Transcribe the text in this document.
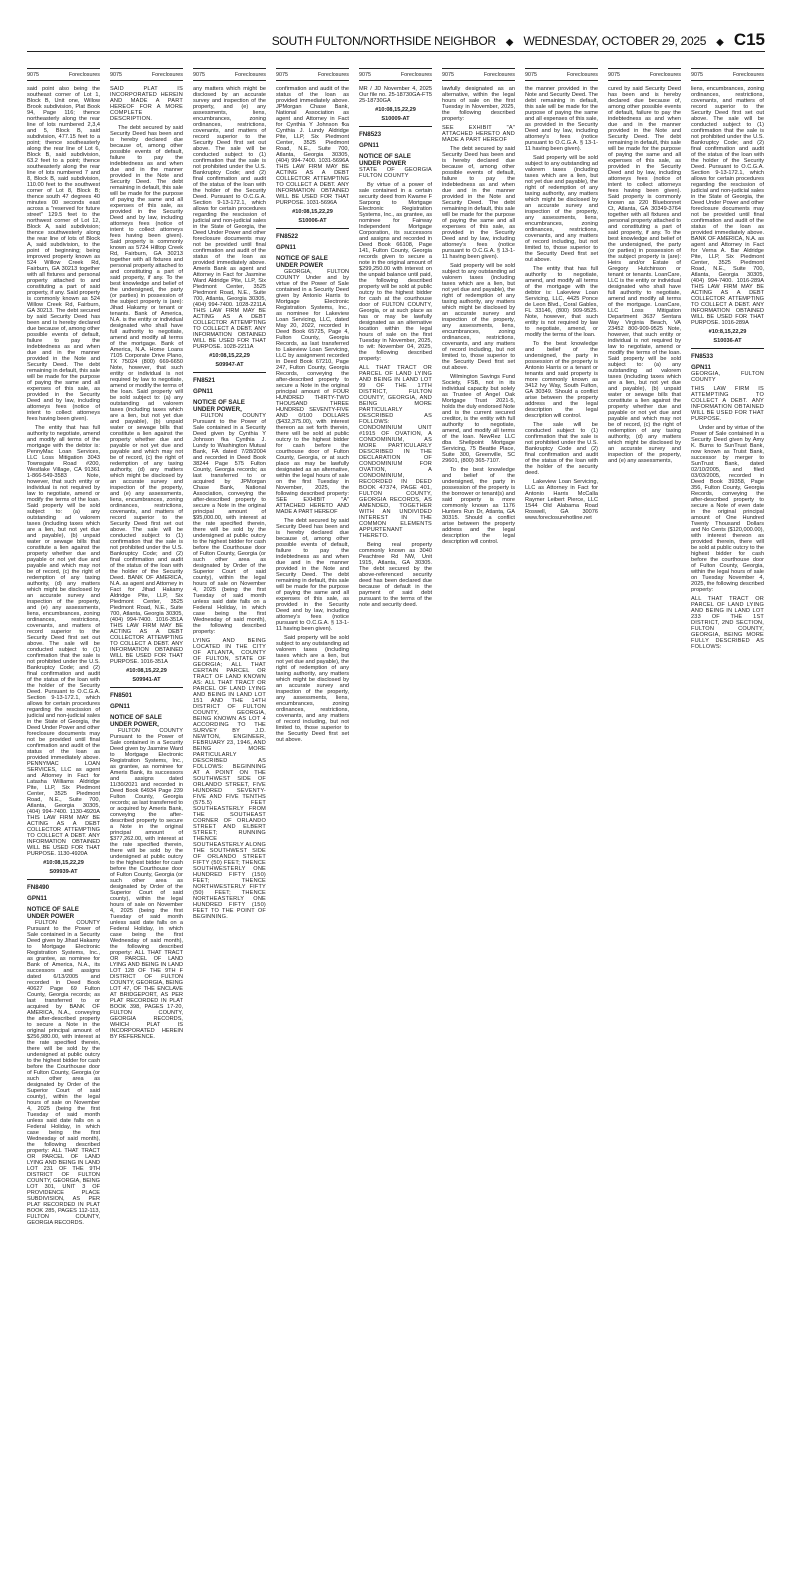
SOUTH FULTON/NORTHSIDE NEIGHBOR ◆ WEDNESDAY, OCTOBER 29, 2025 ◆ C15
9075	Foreclosures
said point also being the southeast corner of Lot 1, Block B, Unit one, Willow Brook subdivision, Plat Book 94, Page 116; thence northeasterly along the rear line of lots numbered 2,3,4 and 5, Block B, said subdivision, 477.15 feet to a point; thence southeasterly along the rear line of Lot 6, Block B, said subdivision, 63.2 feet to a point; thence southeasterly along the rear line of lots numbered 7 and 8, Block B, said subdivision, 110.00 feet to the southwest corner of Lot 8, Block B; thence south 47 degrees 40 minutes 00 seconds east across a "reserved for future street" 129.5 feet to the northwest corner of Lot 12, Block A, said subdivision; thence southwesterly along the rear line of lots of Block A, said subdivision, to the point of beginning; being improved property known as 524 Willow Creek Rd, Fairburn, GA 30213 together with all fixtures and personal property attached to and constituting a part of said property, if any. Said property is commonly known as 524 Willow Creek Rd, Fairburn, GA 30213. The debt secured by said Security Deed has been and is hereby declared due because of, among other possible events of default, failure to pay the indebtedness as and when due and in the manner provided in the Note and Security Deed. The debt remaining in default, this sale will be made for the purpose of paying the same and all expenses of this sale, as provided in the Security Deed and by law, including attorneys fees (notice of intent to collect attorneys fees having been given).
The entity that has full authority to negotiate, amend and modify all terms of the mortgage with the debtor is: PennyMac Loan Services, LLC Loss Mitigation 3043 Townsgate Road #200, Westlake Village, CA 91361 1-866-549-3583 Note, however, that such entity or individual is not required by law to negotiate, amend or modify the terms of the loan. Said property will be sold subject to: (a) any outstanding ad valorem taxes (including taxes which are a lien, but not yet due and payable), (b) unpaid water or sewage bills that constitute a lien against the property whether due and payable or not yet due and payable and which may not be of record, (c) the right of redemption of any taxing authority, (d) any matters which might be disclosed by an accurate survey and inspection of the property, and (e) any assessments, liens, encumbrances, zoning ordinances, restrictions, covenants, and matters of record superior to the Security Deed first set out above. The sale will be conducted subject to (1) confirmation that the sale is not prohibited under the U.S. Bankruptcy Code; and (2) final confirmation and audit of the status of the loan with the holder of the Security Deed. Pursuant to O.C.G.A. Section 9-13-172.1, which allows for certain procedures regarding the rescission of judicial and non-judicial sales in the State of Georgia, the Deed Under Power and other foreclosure documents may not be provided until final confirmation and audit of the status of the loan as provided immediately above. PENNYMAC LOAN SERVICES, LLC as agent and Attorney in Fact for Latasha Williams Aldridge Pite, LLP, Six Piedmont Center, 3525 Piedmont Road, N.E., Suite 700, Atlanta, Georgia 30305, (404) 994-7400. 1130-4920A THIS LAW FIRM MAY BE ACTING AS A DEBT COLLECTOR ATTEMPTING TO COLLECT A DEBT. ANY INFORMATION OBTAINED WILL BE USED FOR THAT PURPOSE. 1130-4920A
#10:08,15,22,29
S09939-AT
FN8490
GPN11
NOTICE OF SALE UNDER POWER
FULTON COUNTY Pursuant to the Power of Sale contained in a Security Deed given by Jihad Hakamy to Mortgage Electronic Registration Systems, Inc., as grantee, as nominee for Bank of America, N.A., its successors and assigns dated 6/13/2005 and recorded in Deed Book 40627 Page 69 Fulton County, Georgia records; as last transferred to or acquired by BANK OF AMERICA, N.A., conveying the after-described property to secure a Note in the original principal amount of $256,980.00, with interest at the rate specified therein, there will be sold by the undersigned at public outcry to the highest bidder for cash before the Courthouse door of Fulton County, Georgia (or such other area as designated by Order of the Superior Court of said county), within the legal hours of sale on November 4, 2025 (being the first Tuesday of said month unless said date falls on a Federal Holiday, in which case being the first Wednesday of said month), the following described property: ALL THAT TRACT OR PARCEL OF LAND LYING AND BEING IN LAND LOT 231 OF THE 9TH DISTRICT OF FULTON COUNTY, GEORGIA, BEING LOT 301, UNIT 3 OF PROVIDENCE PLACE SUBDIVISION, AS PER PLAT RECORDED IN PLAT BOOK 285, PAGES 112-113, FULTON COUNTY, GEORGIA RECORDS.
9075	Foreclosures
SAID PLAT IS INCORPORATED HEREIN AND MADE A PART HEREOF FOR A MORE COMPLETE DESCRIPTION.
The debt secured by said Security Deed has been and is hereby declared due because of, among other possible events of default, failure to pay the indebtedness as and when due and in the manner provided in the Note and Security Deed. The debt remaining in default, this sale will be made for the purpose of paying the same and all expenses of this sale, as provided in the Security Deed and by law, including attorneys fees (notice of intent to collect attorneys fees having been given). Said property is commonly known as 5724 Hilltop Creek Rd, Fairburn, GA 30213 together with all fixtures and personal property attached to and constituting a part of said property, if any. To the best knowledge and belief of the undersigned, the party (or parties) in possession of the subject property is (are): Jihad Hakamy or tenant or tenants. Bank of America, N.A. is the entity or individual designated who shall have full authority to negotiate, amend and modify all terms of the mortgage. Bank of America, N.A. Home Loans 7105 Corporate Drive Plano, TX 75024 (800) 669-6650 Note, however, that such entity or individual is not required by law to negotiate, amend or modify the terms of the loan. Said property will be sold subject to: (a) any outstanding ad valorem taxes (including taxes which are a lien, but not yet due and payable), (b) unpaid water or sewage bills that constitute a lien against the property whether due and payable or not yet due and payable and which may not be of record, (c) the right of redemption of any taxing authority, (d) any matters which might be disclosed by an accurate survey and inspection of the property, and (e) any assessments, liens, encumbrances, zoning ordinances, restrictions, covenants, and matters of record superior to the Security Deed first set out above. The sale will be conducted subject to (1) confirmation that the sale is not prohibited under the U.S. Bankruptcy Code; and (2) final confirmation and audit of the status of the loan with the holder of the Security Deed. BANK OF AMERICA, N.A. as agent and Attorney in Fact for Jihad Hakamy Aldridge Pite, LLP, Six Piedmont Center, 3525 Piedmont Road, N.E., Suite 700, Atlanta, Georgia 30305, (404) 994-7400. 1016-351A THIS LAW FIRM MAY BE ACTING AS A DEBT COLLECTOR ATTEMPTING TO COLLECT A DEBT. ANY INFORMATION OBTAINED WILL BE USED FOR THAT PURPOSE. 1016-351A
#10:08,15,22,29
S09941-AT
FN8501
GPN11
NOTICE OF SALE UNDER POWER,
FULTON COUNTY Pursuant to the Power of Sale contained in a Security Deed given by Jasmine Ward to Mortgage Electronic Registration Systems, Inc., as grantee, as nominee for Ameris Bank, its successors and assigns dated 11/30/2021 and recorded in Deed Book 64934 Page 239 Fulton County, Georgia records; as last transferred to or acquired by Ameris Bank, conveying the after-described property to secure a Note in the original principal amount of $377,262.00, with interest at the rate specified therein, there will be sold by the undersigned at public outcry to the highest bidder for cash before the Courthouse door of Fulton County, Georgia (or such other area as designated by Order of the Superior Court of said county), within the legal hours of sale on November 4, 2025 (being the first Tuesday of said month unless said date falls on a Federal Holiday, in which case being the first Wednesday of said month), the following described property: ALL THAT TRACT OR PARCEL OF LAND LYING AND BEING IN LAND LOT 128 OF THE 9TH F DISTRICT OF FULTON COUNTY, GEORGIA, BEING LOT 47, OF THE ENCLAVE AT BRIDGEPORT, AS PER PLAT RECORDED IN PLAT BOOK 398, PAGES 17-20, FULTON COUNTY, GEORGIA RECORDS, WHICH PLAT IS INCORPORATED HEREIN BY REFERENCE.
9075	Foreclosures
any matters which might be disclosed by an accurate survey and inspection of the property, and (e) any assessments, liens, encumbrances, zoning ordinances, restrictions, covenants, and matters of record superior to the Security Deed first set out above. The sale will be conducted subject to (1) confirmation that the sale is not prohibited under the U.S. Bankruptcy Code; and (2) final confirmation and audit of the status of the loan with the holder of the Security Deed. Pursuant to O.C.G.A. Section 9-13-172.1, which allows for certain procedures regarding the rescission of judicial and non-judicial sales in the State of Georgia, the Deed Under Power and other foreclosure documents may not be provided until final confirmation and audit of the status of the loan as provided immediately above. Ameris Bank as agent and Attorney in Fact for Jasmine Ward Aldridge Pite, LLP, Six Piedmont Center, 3525 Piedmont Road, N.E., Suite 700, Atlanta, Georgia 30305, (404) 994-7400. 1028-2211A THIS LAW FIRM MAY BE ACTING AS A DEBT COLLECTOR ATTEMPTING TO COLLECT A DEBT. ANY INFORMATION OBTAINED WILL BE USED FOR THAT PURPOSE. 1028-2211A
#10:08,15,22,29
S09947-AT
FN8521
GPN11
NOTICE OF SALE UNDER POWER,
FULTON COUNTY Pursuant to the Power of Sale contained in a Security Deed given by Cynthia Y Johnson fka Cynthia J. Lundy to Washington Mutual Bank, FA dated 7/28/2004 and recorded in Deed Book 38244 Page 575 Fulton County, Georgia records; as last transferred to or acquired by JPMorgan Chase Bank, National Association, conveying the after-described property to secure a Note in the original principal amount of $95,000.00, with interest at the rate specified therein, there will be sold by the undersigned at public outcry to the highest bidder for cash before the Courthouse door of Fulton County, Georgia (or such other area as designated by Order of the Superior Court of said county), within the legal hours of sale on November 4, 2025 (being the first Tuesday of said month unless said date falls on a Federal Holiday, in which case being the first Wednesday of said month), the following described property:
LYING AND BEING LOCATED IN THE CITY OF ATLANTA, COUNTY OF FULTON, STATE OF GEORGIA; ALL THAT CERTAIN PARCEL OR TRACT OF LAND KNOWN AS: ALL THAT TRACT OR PARCEL OF LAND LYING AND BEING IN LAND LOT 151 AND THE 14TH DISTRICT OF FULTON COUNTY, GEORGIA, BEING KNOWN AS LOT 4 ACCORDING TO THE SURVEY BY J.D. NEWTON, ENGINEER, FEBRUARY 23, 1946, AND BEING MORE PARTICULARLY DESCRIBED AS FOLLOWS: BEGINNING AT A POINT ON THE SOUTHWEST SIDE OF ORLANDO STREET, FIVE HUNDRED SEVENTY-FIVE AND FIVE TENTHS (575.5) FEET SOUTHEASTERLY FROM THE SOUTHEAST CORNER OF ORLANDO STREET AND ELBERT STREET; RUNNING THENCE SOUTHEASTERLY ALONG THE SOUTHWEST SIDE OF ORLANDO STREET FIFTY (50) FEET; THENCE SOUTHWESTERLY ONE HUNDRED FIFTY (150) FEET; THENCE NORTHWESTERLY FIFTY (50) FEET; THENCE NORTHEASTERLY ONE HUNDRED FIFTY (150) FEET TO THE POINT OF BEGINNING.
9075	Foreclosures
confirmation and audit of the status of the loan as provided immediately above. JPMorgan Chase Bank, National Association as agent and Attorney in Fact for Cynthia Y Johnson fka Cynthia J. Lundy Aldridge Pite, LLP, Six Piedmont Center, 3525 Piedmont Road, N.E., Suite 700, Atlanta, Georgia 30305, (404) 994-7400. 1031-5696A THIS LAW FIRM MAY BE ACTING AS A DEBT COLLECTOR ATTEMPTING TO COLLECT A DEBT. ANY INFORMATION OBTAINED WILL BE USED FOR THAT PURPOSE. 1031-5696A
#10:08,15,22,29
S10006-AT
FN8522
GPN11
NOTICE OF SALE UNDER POWER
GEORGIA, FULTON COUNTY Under and by virtue of the Power of Sale contained in a Security Deed given by Antonio Harris to Mortgage Electronic Registration Systems, Inc., as nominee for Lakeview Loan Servicing, LLC, dated May 20, 2022, recorded in Deed Book 65725, Page 4, Fulton County, Georgia Records, as last transferred to Lakeview Loan Servicing, LLC by assignment recorded in Deed Book 67210, Page 247, Fulton County, Georgia Records, conveying the after-described property to secure a Note in the original principal amount of FOUR HUNDRED THIRTY-TWO THOUSAND THREE HUNDRED SEVENTY-FIVE AND 0/100 DOLLARS ($432,375.00), with interest thereon as set forth therein, there will be sold at public outcry to the highest bidder for cash before the courthouse door of Fulton County, Georgia, or at such place as may be lawfully designated as an alternative, within the legal hours of sale on the first Tuesday in November, 2025, the following described property: SEE EXHIBIT "A" ATTACHED HERETO AND MADE A PART HEREOF
The debt secured by said Security Deed has been and is hereby declared due because of, among other possible events of default, failure to pay the indebtedness as and when due and in the manner provided in the Note and Security Deed. The debt remaining in default, this sale will be made for the purpose of paying the same and all expenses of this sale, as provided in the Security Deed and by law, including attorney's fees (notice pursuant to O.C.G.A. § 13-1-11 having been given).
Said property will be sold subject to any outstanding ad valorem taxes (including taxes which are a lien, but not yet due and payable), the right of redemption of any taxing authority, any matters which might be disclosed by an accurate survey and inspection of the property, any assessments, liens, encumbrances, zoning ordinances, restrictions, covenants, and any matters of record including, but not limited to, those superior to the Security Deed first set out above.
9075	Foreclosures
MR / JD November 4, 2025 Our file no. 25-18730GA-FT5 25-18730GA
#10:08,15,22,29
S10009-AT
FN8523
GPN11
NOTICE OF SALE UNDER POWER
STATE OF GEORGIA FULTON COUNTY
By virtue of a power of sale contained in a certain security deed from Kwame F Sarpong to Mortgage Electronic Registration Systems, Inc., as grantee, as nominee for Fairway Independent Mortgage Corporation, its successors and assigns and recorded in Deed Book 66108, Page 141, Fulton County, Georgia records given to secure a note in the original amount of $299,250.00 with interest on the unpaid balance until paid, the following described property will be sold at public outcry to the highest bidder for cash at the courthouse door of FULTON COUNTY, Georgia, or at such place as has or may be lawfully designated as an alternative location within the legal hours of sale on the first Tuesday in November, 2025, to wit: November 04, 2025, the following described property:
ALL THAT TRACT OR PARCEL OF LAND LYING AND BEING IN LAND LOT 99 OF THE 17TH DISTRICT, FULTON COUNTY, GEORGIA, AND BEING MORE PARTICULARLY DESCRIBED AS FOLLOWS: CONDOMINIUM UNIT #1915 OF OVATION, A CONDOMINIUM, AS MORE PARTICULARLY DESCRIBED IN THE DECLARATION OF CONDOMINIUM FOR OVATION, A CONDOMINIUM, RECORDED IN DEED BOOK 47374, PAGE 401, FULTON COUNTY, GEORGIA RECORDS, AS AMENDED, TOGETHER WITH AN UNDIVIDED INTEREST IN THE COMMON ELEMENTS APPURTENANT THERETO.
Being real property commonly known as 3040 Peachtree Rd NW, Unit 1915, Atlanta, GA 30305. The debt secured by the above-referenced security deed has been declared due because of default in the payment of said debt pursuant to the terms of the note and security deed.
9075	Foreclosures
lawfully designated as an alternative, within the legal hours of sale on the first Tuesday in November, 2025, the following described property:
SEE EXHIBIT "A" ATTACHED HERETO AND MADE A PART HEREOF
The debt secured by said Security Deed has been and is hereby declared due because of, among other possible events of default, failure to pay the indebtedness as and when due and in the manner provided in the Note and Security Deed. The debt remaining in default, this sale will be made for the purpose of paying the same and all expenses of this sale, as provided in the Security Deed and by law, including attorney's fees (notice pursuant to O.C.G.A. § 13-1-11 having been given).
Said property will be sold subject to any outstanding ad valorem taxes (including taxes which are a lien, but not yet due and payable), the right of redemption of any taxing authority, any matters which might be disclosed by an accurate survey and inspection of the property, any assessments, liens, encumbrances, zoning ordinances, restrictions, covenants, and any matters of record including, but not limited to, those superior to the Security Deed first set out above.
Wilmington Savings Fund Society, FSB, not in its individual capacity but solely as Trustee of Angel Oak Mortgage Trust 2021-5, holds the duly endorsed Note and is the current secured creditor, is the entity with full authority to negotiate, amend, and modify all terms of the loan. NewRez LLC dba Shellpoint Mortgage Servicing, 75 Beattie Place, Suite 300, Greenville, SC 29601, (800) 365-7107.
To the best knowledge and belief of the undersigned, the party in possession of the property is the borrower or tenant(s) and said property is more commonly known as 1176 Hunters Run Dr, Atlanta, GA 30315. Should a conflict arise between the property address and the legal description the legal description will control.
9075	Foreclosures
the manner provided in the Note and Security Deed. The debt remaining in default, this sale will be made for the purpose of paying the same and all expenses of this sale, as provided in the Security Deed and by law, including attorney's fees (notice pursuant to O.C.G.A. § 13-1-11 having been given).
Said property will be sold subject to any outstanding ad valorem taxes (including taxes which are a lien, but not yet due and payable), the right of redemption of any taxing authority, any matters which might be disclosed by an accurate survey and inspection of the property, any assessments, liens, encumbrances, zoning ordinances, restrictions, covenants, and any matters of record including, but not limited to, those superior to the Security Deed first set out above.
The entity that has full authority to negotiate, amend, and modify all terms of the mortgage with the debtor is: Lakeview Loan Servicing, LLC, 4425 Ponce de Leon Blvd., Coral Gables, FL 33146, (800) 909-9525. Note, however, that such entity is not required by law to negotiate, amend, or modify the terms of the loan.
To the best knowledge and belief of the undersigned, the party in possession of the property is Antonio Harris or a tenant or tenants and said property is more commonly known as 3412 Ivy Way, South Fulton, GA 30349. Should a conflict arise between the property address and the legal description the legal description will control.
The sale will be conducted subject to (1) confirmation that the sale is not prohibited under the U.S. Bankruptcy Code and (2) final confirmation and audit of the status of the loan with the holder of the security deed.
Lakeview Loan Servicing, LLC as Attorney in Fact for Antonio Harris McCalla Raymer Leibert Pierce, LLC 1544 Old Alabama Road Roswell, GA 30076 www.foreclosurehotline.net
9075	Foreclosures
cured by said Security Deed has been and is hereby declared due because of, among other possible events of default, failure to pay the indebtedness as and when due and in the manner provided in the Note and Security Deed. The debt remaining in default, this sale will be made for the purpose of paying the same and all expenses of this sale, as provided in the Security Deed and by law, including attorneys fees (notice of intent to collect attorneys fees having been given). Said property is commonly known as 220 Bluebonnet Ct, Atlanta, GA 30349-3764 together with all fixtures and personal property attached to and constituting a part of said property, if any. To the best knowledge and belief of the undersigned, the party (or parties) in possession of the subject property is (are): Heirs and/or Estate of Gregory Hutchinson or tenant or tenants. LoanCare, LLC is the entity or individual designated who shall have full authority to negotiate, amend and modify all terms of the mortgage. LoanCare, LLC Loss Mitigation Department 3637 Sentara Way Virginia Beach, VA 23452 800-909-9525 Note, however, that such entity or individual is not required by law to negotiate, amend or modify the terms of the loan. Said property will be sold subject to: (a) any outstanding ad valorem taxes (including taxes which are a lien, but not yet due and payable), (b) unpaid water or sewage bills that constitute a lien against the property whether due and payable or not yet due and payable and which may not be of record, (c) the right of redemption of any taxing authority, (d) any matters which might be disclosed by an accurate survey and inspection of the property, and (e) any assessments,
9075	Foreclosures
liens, encumbrances, zoning ordinances, restrictions, covenants, and matters of record superior to the Security Deed first set out above. The sale will be conducted subject to (1) confirmation that the sale is not prohibited under the U.S. Bankruptcy Code; and (2) final confirmation and audit of the status of the loan with the holder of the Security Deed. Pursuant to O.C.G.A. Section 9-13-172.1, which allows for certain procedures regarding the rescission of judicial and non-judicial sales in the State of Georgia, the Deed Under Power and other foreclosure documents may not be provided until final confirmation and audit of the status of the loan as provided immediately above. BANK OF AMERICA, N.A. as agent and Attorney in Fact for Verna A. Bar Aldridge Pite, LLP, Six Piedmont Center, 3525 Piedmont Road, N.E., Suite 700, Atlanta, Georgia 30305, (404) 994-7400. 1016-289A THIS LAW FIRM MAY BE ACTING AS A DEBT COLLECTOR ATTEMPTING TO COLLECT A DEBT. ANY INFORMATION OBTAINED WILL BE USED FOR THAT PURPOSE. 1016-289A
#10:8,15,22,29
S10036-AT
FN8533
GPN11
GEORGIA, FULTON COUNTY
THIS LAW FIRM IS ATTEMPTING TO COLLECT A DEBT. ANY INFORMATION OBTAINED WILL BE USED FOR THAT PURPOSE.
Under and by virtue of the Power of Sale contained in a Security Deed given by Amy K. Burns to SunTrust Bank, now known as Truist Bank, successor by merger to SunTrust Bank, dated 02/10/2005, and filed 03/03/2005, recorded in Deed Book 39358, Page 356, Fulton County, Georgia Records, conveying the after-described property to secure a Note of even date in the original principal amount of One Hundred Twenty Thousand Dollars and No Cents ($120,000.00), with interest thereon as provided therein, there will be sold at public outcry to the highest bidder for cash before the courthouse door of Fulton County, Georgia, within the legal hours of sale on Tuesday November 4, 2025, the following described property:
ALL THAT TRACT OR PARCEL OF LAND LYING AND BEING IN LAND LOT 233 OF THE 1ST DISTRICT, 2ND SECTION, FULTON COUNTY, GEORGIA, BEING MORE FULLY DESCRIBED AS FOLLOWS:
